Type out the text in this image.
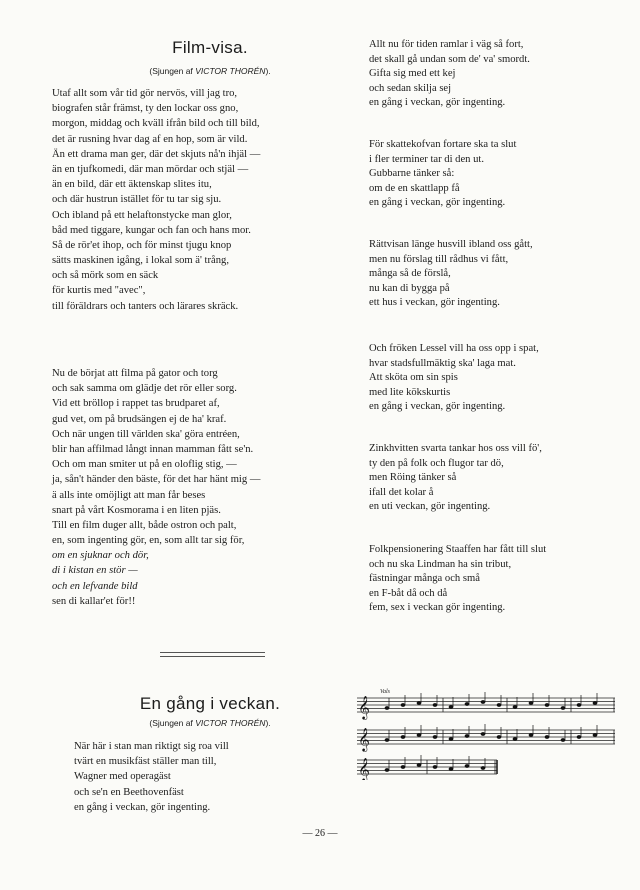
Film-visa.
(Sjungen af VICTOR THORÉN).
Utaf allt som vår tid gör nervös, vill jag tro,
biografen står främst, ty den lockar oss gno,
morgon, middag och kväll ifrån bild och till bild,
det är rusning hvar dag af en hop, som är vild.
Än ett drama man ger, där det skjuts nå'n ihjäl —
än en tjufkomedi, där man mördar och stjäl —
än en bild, där ett äktenskap slites itu,
och där hustrun istället för tu tar sig sju.
Och ibland på ett helaftonstycke man glor,
båd med tiggare, kungar och fan och hans mor.
Så de rör'et ihop, och för minst tjugu knop
sätts maskinen igång, i lokal som ä' trång,
och så mörk som en säck
för kurtis med "avec",
till föräldrars och tanters och lärares skräck.
Nu de börjat att filma på gator och torg
och sak samma om glädje det rör eller sorg.
Vid ett bröllop i rappet tas brudparet af,
gud vet, om på brudsängen ej de ha' kraf.
Och när ungen till världen ska' göra entréen,
blir han affilmad långt innan mamman fått se'n.
Och om man smiter ut på en oloflig stig, —
ja, sån't händer den bäste, för det har hänt mig —
ä alls inte omöjligt att man får beses
snart på vårt Kosmorama i en liten pjäs.
Till en film duger allt, både ostron och palt,
en, som ingenting gör, en, som allt tar sig för,
om en sjuknar och dör,
di i kistan en stör —
och en lefvande bild
sen di kallar'et för!!
En gång i veckan.
(Sjungen af VICTOR THORÉN).
När här i stan man riktigt sig roa vill
tvärt en musikfäst ställer man till,
Wagner med operagäst
och se'n en Beethovenfäst
en gång i veckan, gör ingenting.
Allt nu för tiden ramlar i väg så fort,
det skall gå undan som de' va' smordt.
Gifta sig med ett kej
och sedan skilja sej
en gång i veckan, gör ingenting.
För skattekofvan fortare ska ta slut
i fler terminer tar di den ut.
Gubbarne tänker så:
om de en skattlapp få
en gång i veckan, gör ingenting.
Rättvisan länge husvill ibland oss gått,
men nu förslag till rådhus vi fått,
många så de förslå,
nu kan di bygga på
ett hus i veckan, gör ingenting.
Och fröken Lessel vill ha oss opp i spat,
hvar stadsfullmäktig ska' laga mat.
Att sköta om sin spis
med lite kökskurtis
en gång i veckan, gör ingenting.
Zinkhvitten svarta tankar hos oss vill fö',
ty den på folk och flugor tar dö,
men Röing tänker så
ifall det kolar å
en uti veckan, gör ingenting.
Folkpensionering Staaffen har fått till slut
och nu ska Lindman ha sin tribut,
fästningar många och små
en F-båt då och då
fem, sex i veckan gör ingenting.
Vals
𝄞
𝄞
𝄞
— 26 —
